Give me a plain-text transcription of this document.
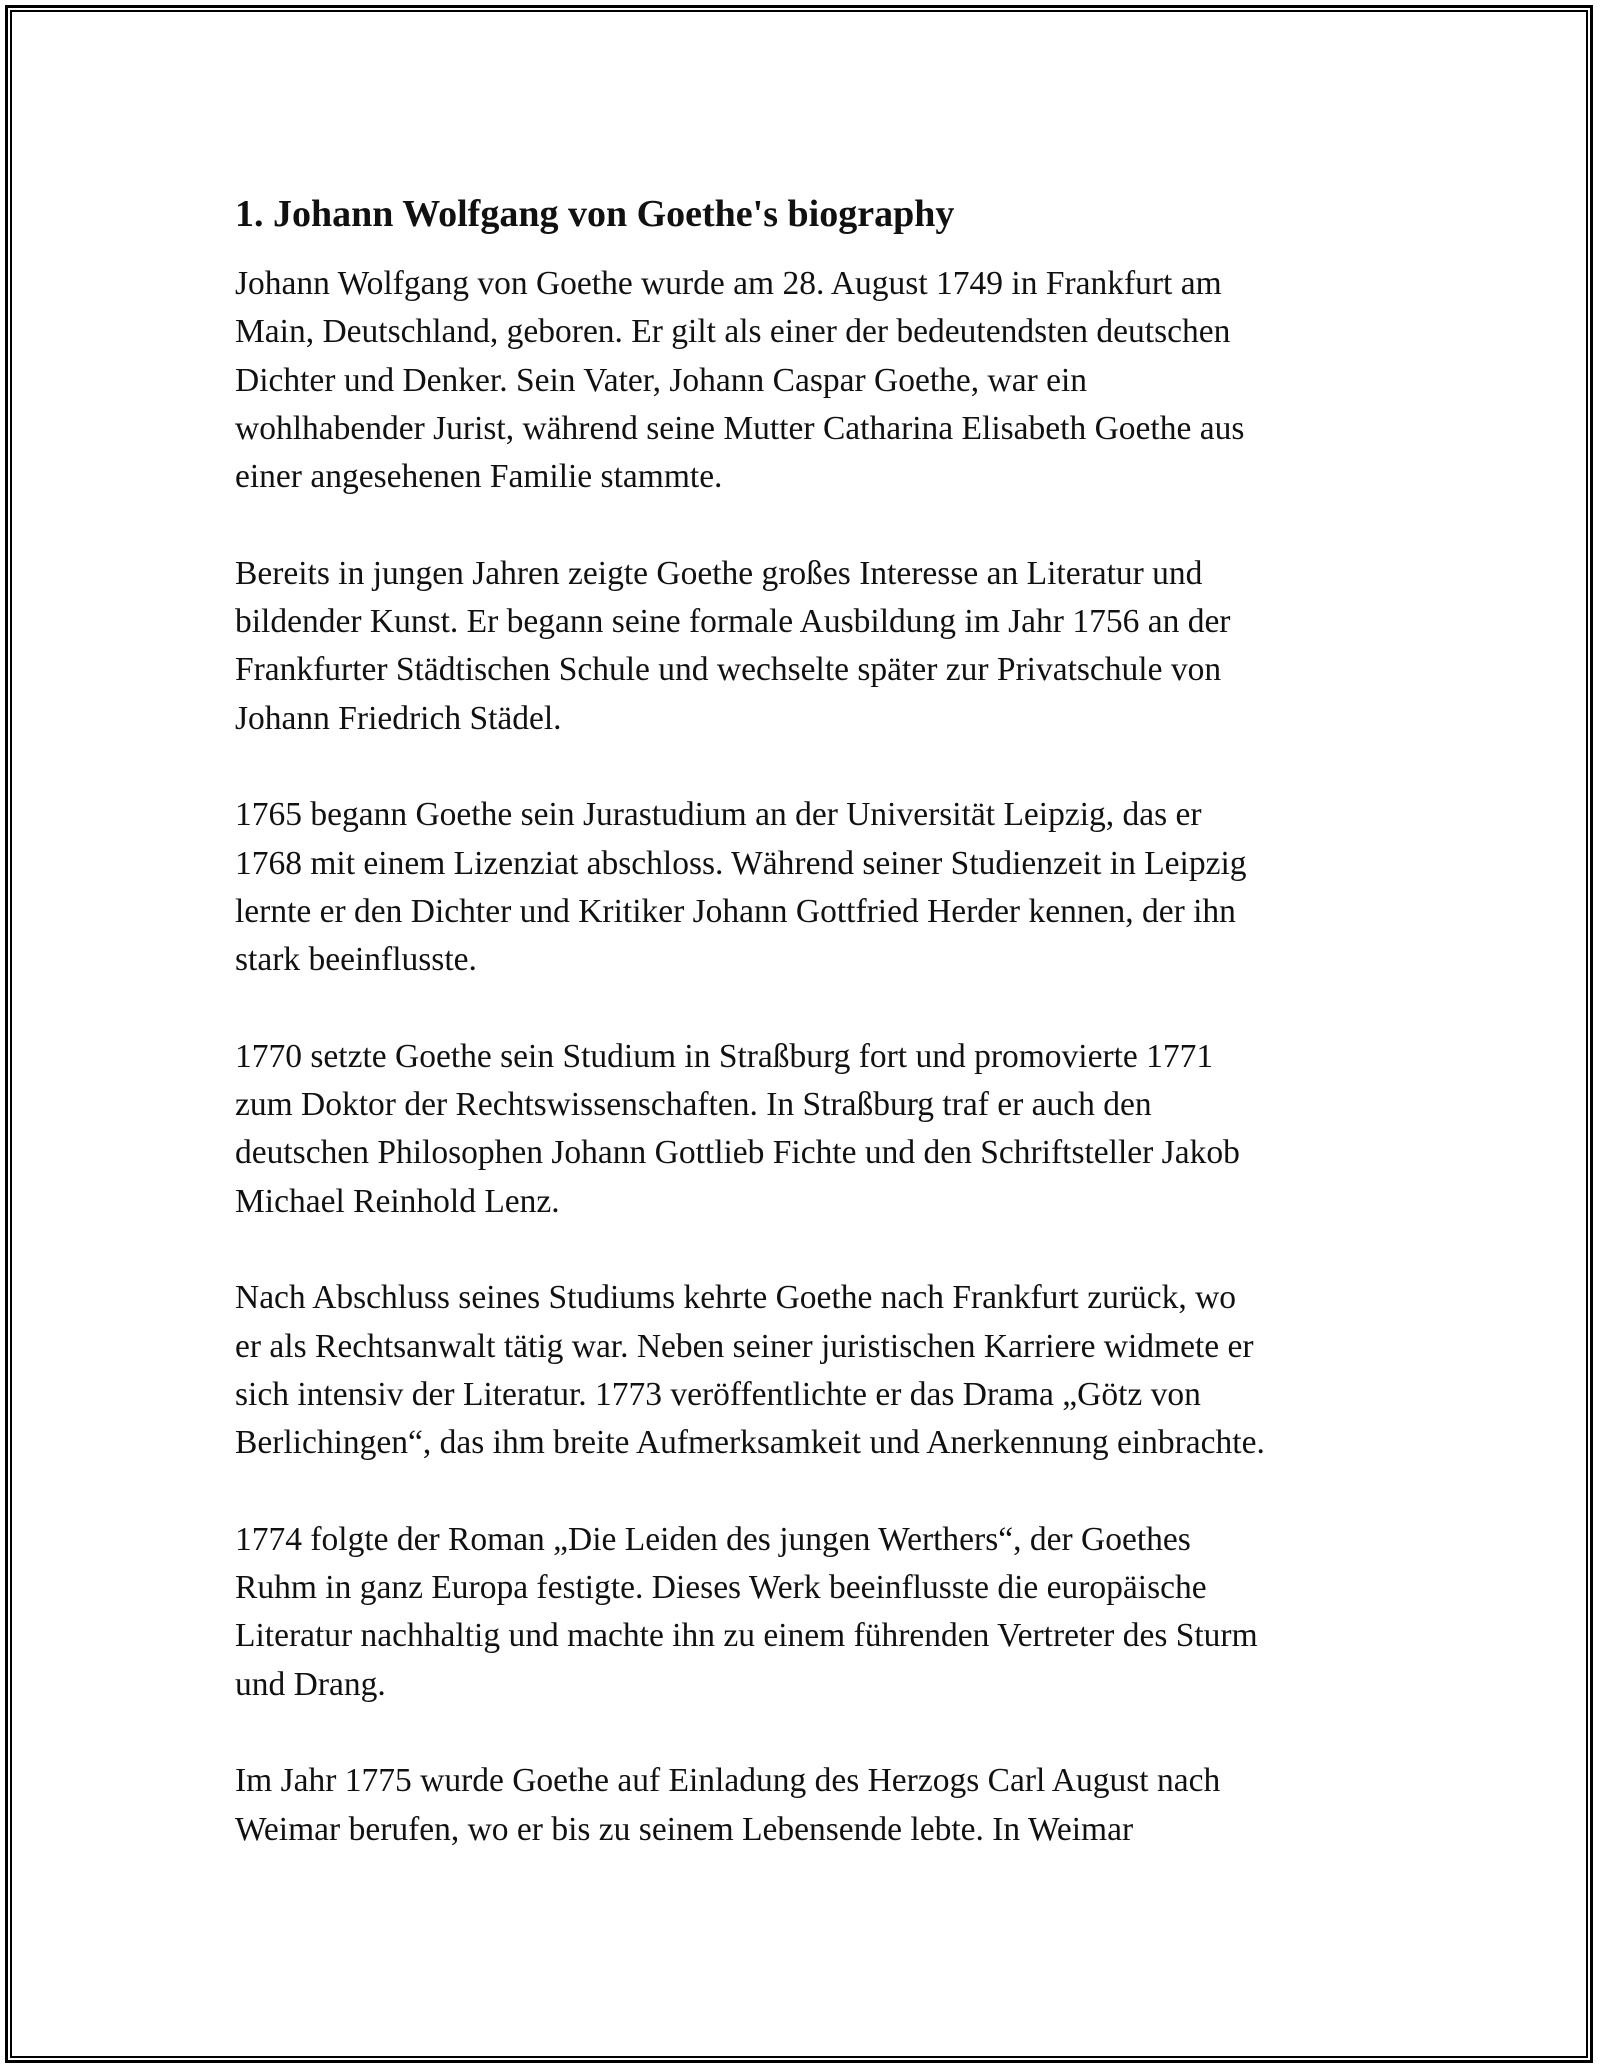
1. Johann Wolfgang von Goethe's biography

Johann Wolfgang von Goethe wurde am 28. August 1749 in Frankfurt am
Main, Deutschland, geboren. Er gilt als einer der bedeutendsten deutschen
Dichter und Denker. Sein Vater, Johann Caspar Goethe, war ein
wohlhabender Jurist, während seine Mutter Catharina Elisabeth Goethe aus
einer angesehenen Familie stammte.

Bereits in jungen Jahren zeigte Goethe großes Interesse an Literatur und
bildender Kunst. Er begann seine formale Ausbildung im Jahr 1756 an der
Frankfurter Städtischen Schule und wechselte später zur Privatschule von
Johann Friedrich Städel.

1765 begann Goethe sein Jurastudium an der Universität Leipzig, das er
1768 mit einem Lizenziat abschloss. Während seiner Studienzeit in Leipzig
lernte er den Dichter und Kritiker Johann Gottfried Herder kennen, der ihn
stark beeinflusste.

1770 setzte Goethe sein Studium in Straßburg fort und promovierte 1771
zum Doktor der Rechtswissenschaften. In Straßburg traf er auch den
deutschen Philosophen Johann Gottlieb Fichte und den Schriftsteller Jakob
Michael Reinhold Lenz.

Nach Abschluss seines Studiums kehrte Goethe nach Frankfurt zurück, wo
er als Rechtsanwalt tätig war. Neben seiner juristischen Karriere widmete er
sich intensiv der Literatur. 1773 veröffentlichte er das Drama „Götz von
Berlichingen“, das ihm breite Aufmerksamkeit und Anerkennung einbrachte.

1774 folgte der Roman „Die Leiden des jungen Werthers“, der Goethes
Ruhm in ganz Europa festigte. Dieses Werk beeinflusste die europäische
Literatur nachhaltig und machte ihn zu einem führenden Vertreter des Sturm
und Drang.

Im Jahr 1775 wurde Goethe auf Einladung des Herzogs Carl August nach
Weimar berufen, wo er bis zu seinem Lebensende lebte. In Weimar
